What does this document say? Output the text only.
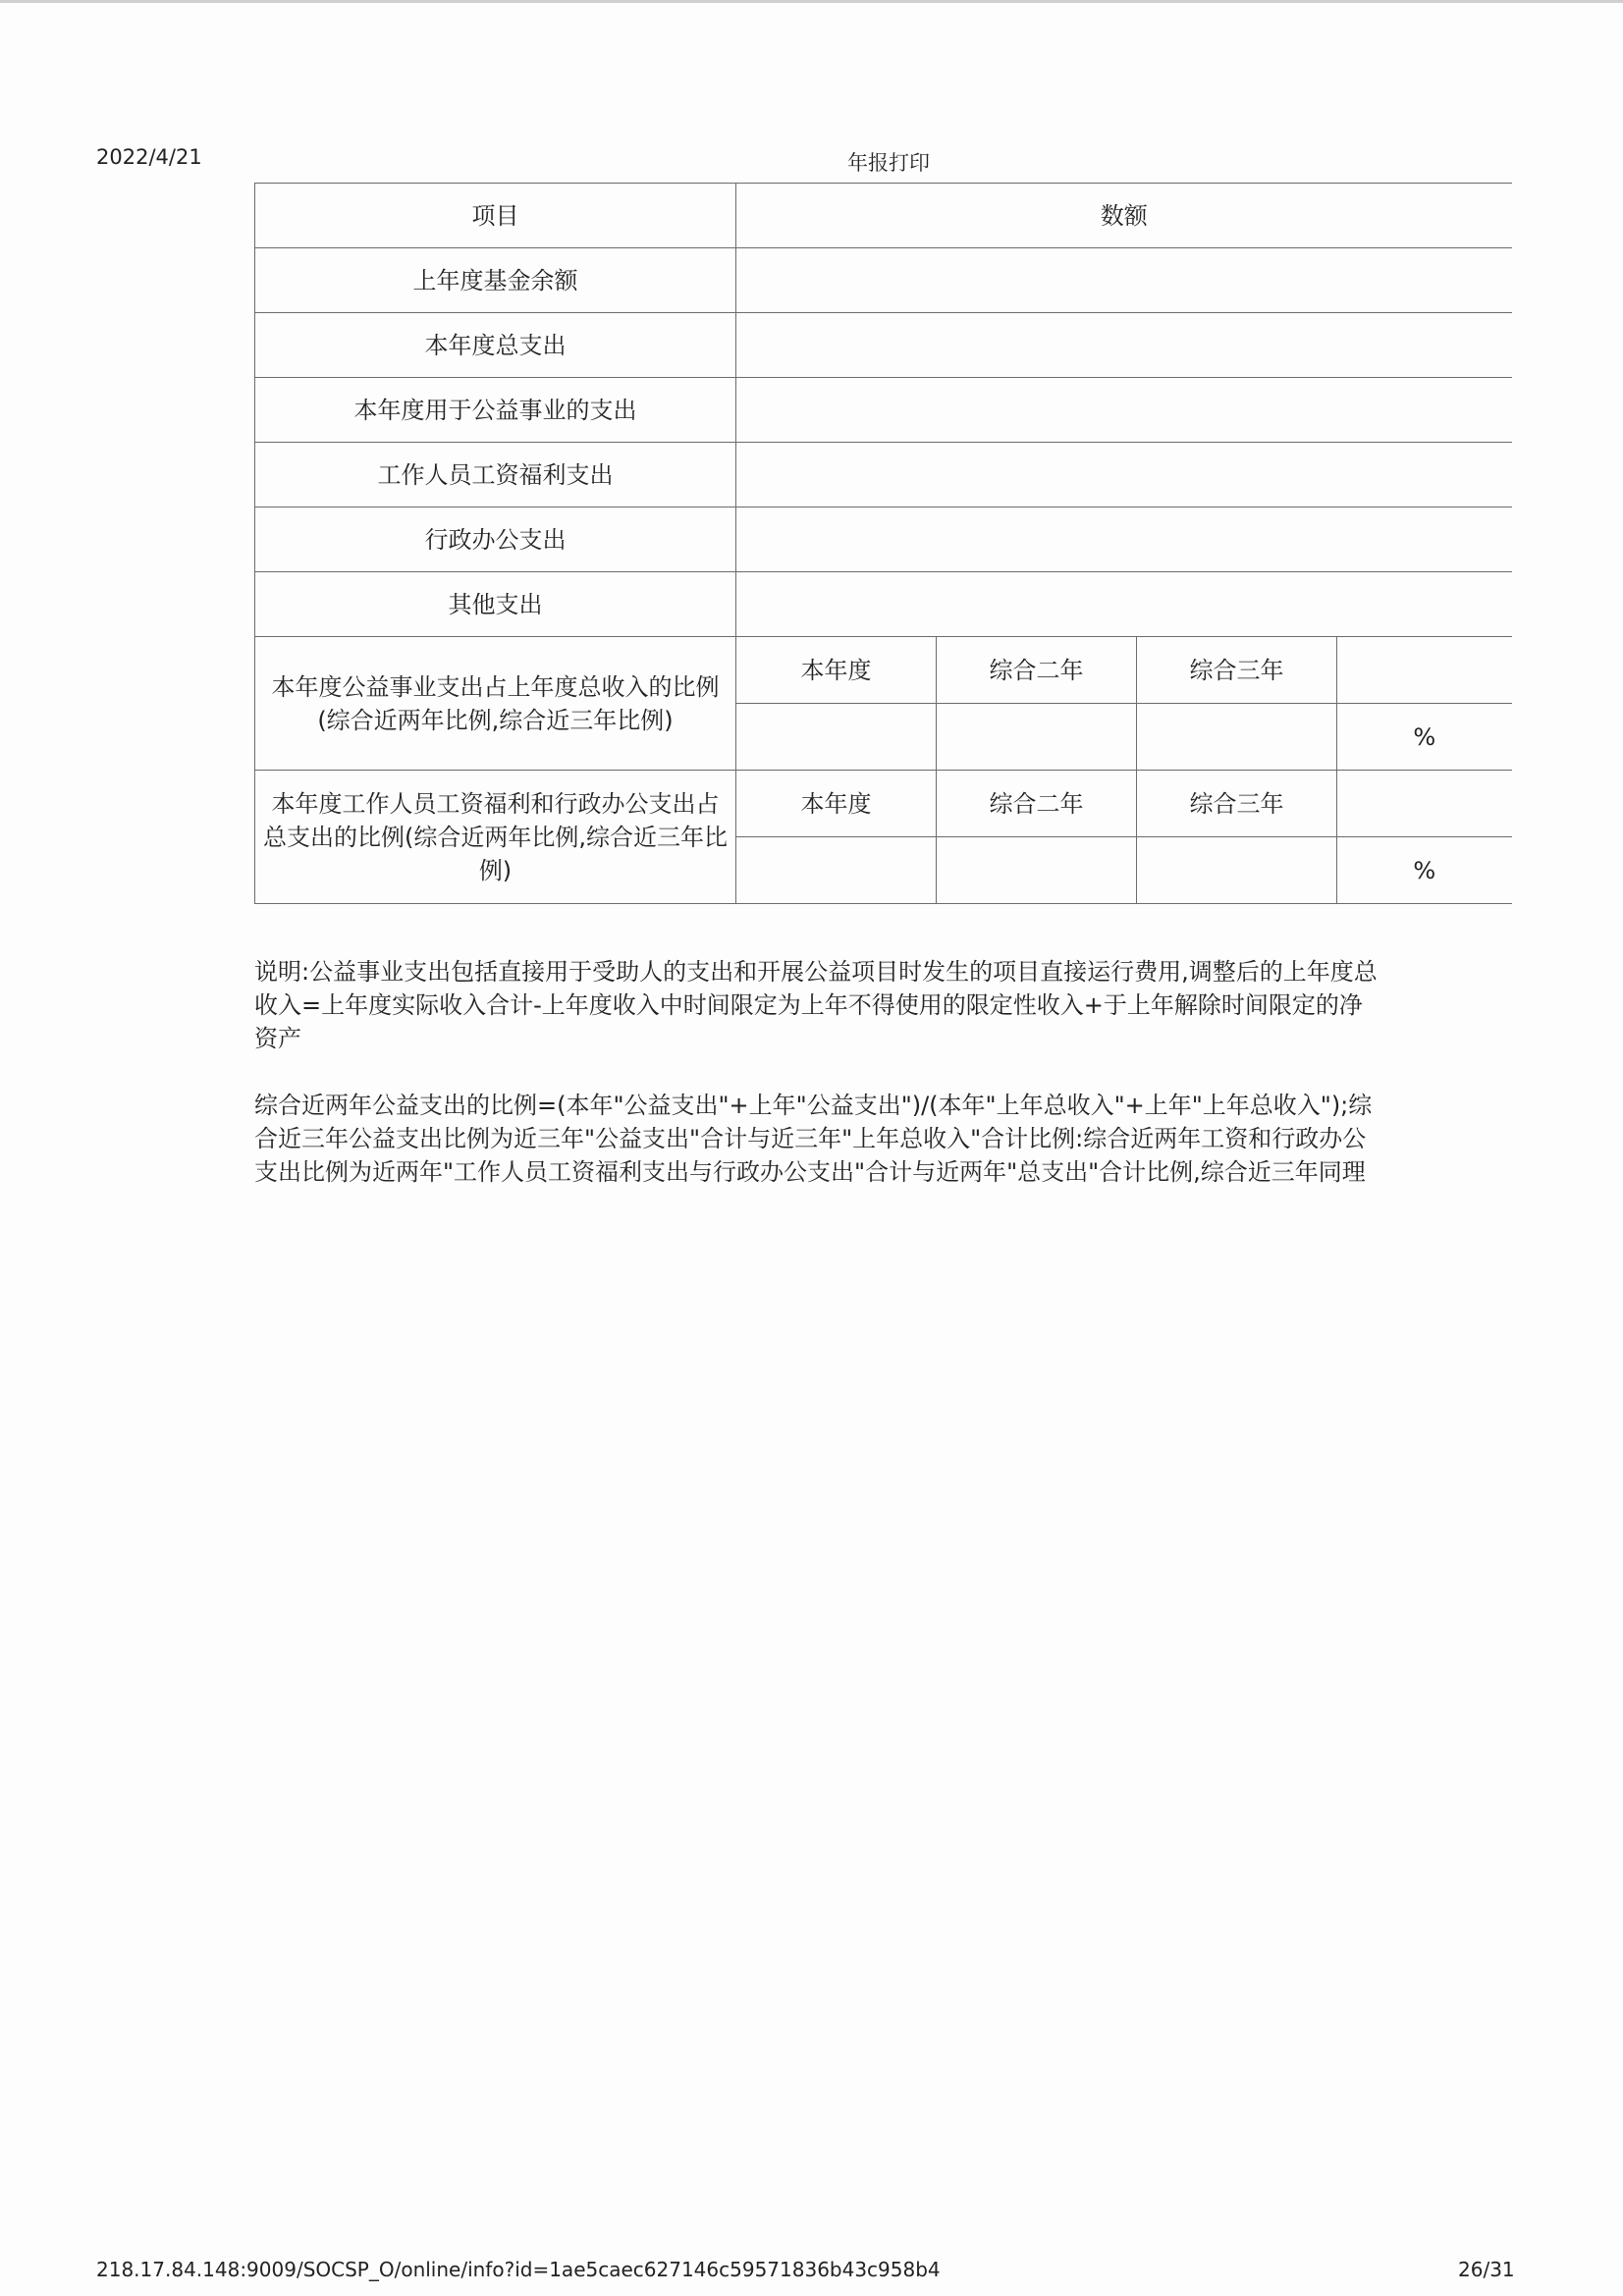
2022/4/21	年报打印
项目	数额			
上年度基金余额				
本年度总支出				
本年度用于公益事业的支出				
工作人员工资福利支出				
行政办公支出				
其他支出				
本年度公益事业支出占上年度总收入的比例(综合近两年比例,综合近三年比例)	本年度	综合二年	综合三年	
				%
本年度工作人员工资福利和行政办公支出占总支出的比例(综合近两年比例,综合近三年比例)	本年度	综合二年	综合三年	
				%

说明:公益事业支出包括直接用于受助人的支出和开展公益项目时发生的项目直接运行费用,调整后的上年度总收入=上年度实际收入合计-上年度收入中时间限定为上年不得使用的限定性收入+于上年解除时间限定的净资产

综合近两年公益支出的比例=(本年"公益支出"+上年"公益支出")/(本年"上年总收入"+上年"上年总收入");综合近三年公益支出比例为近三年"公益支出"合计与近三年"上年总收入"合计比例:综合近两年工资和行政办公支出比例为近两年"工作人员工资福利支出与行政办公支出"合计与近两年"总支出"合计比例,综合近三年同理

218.17.84.148:9009/SOCSP_O/online/info?id=1ae5caec627146c59571836b43c958b4	26/31
